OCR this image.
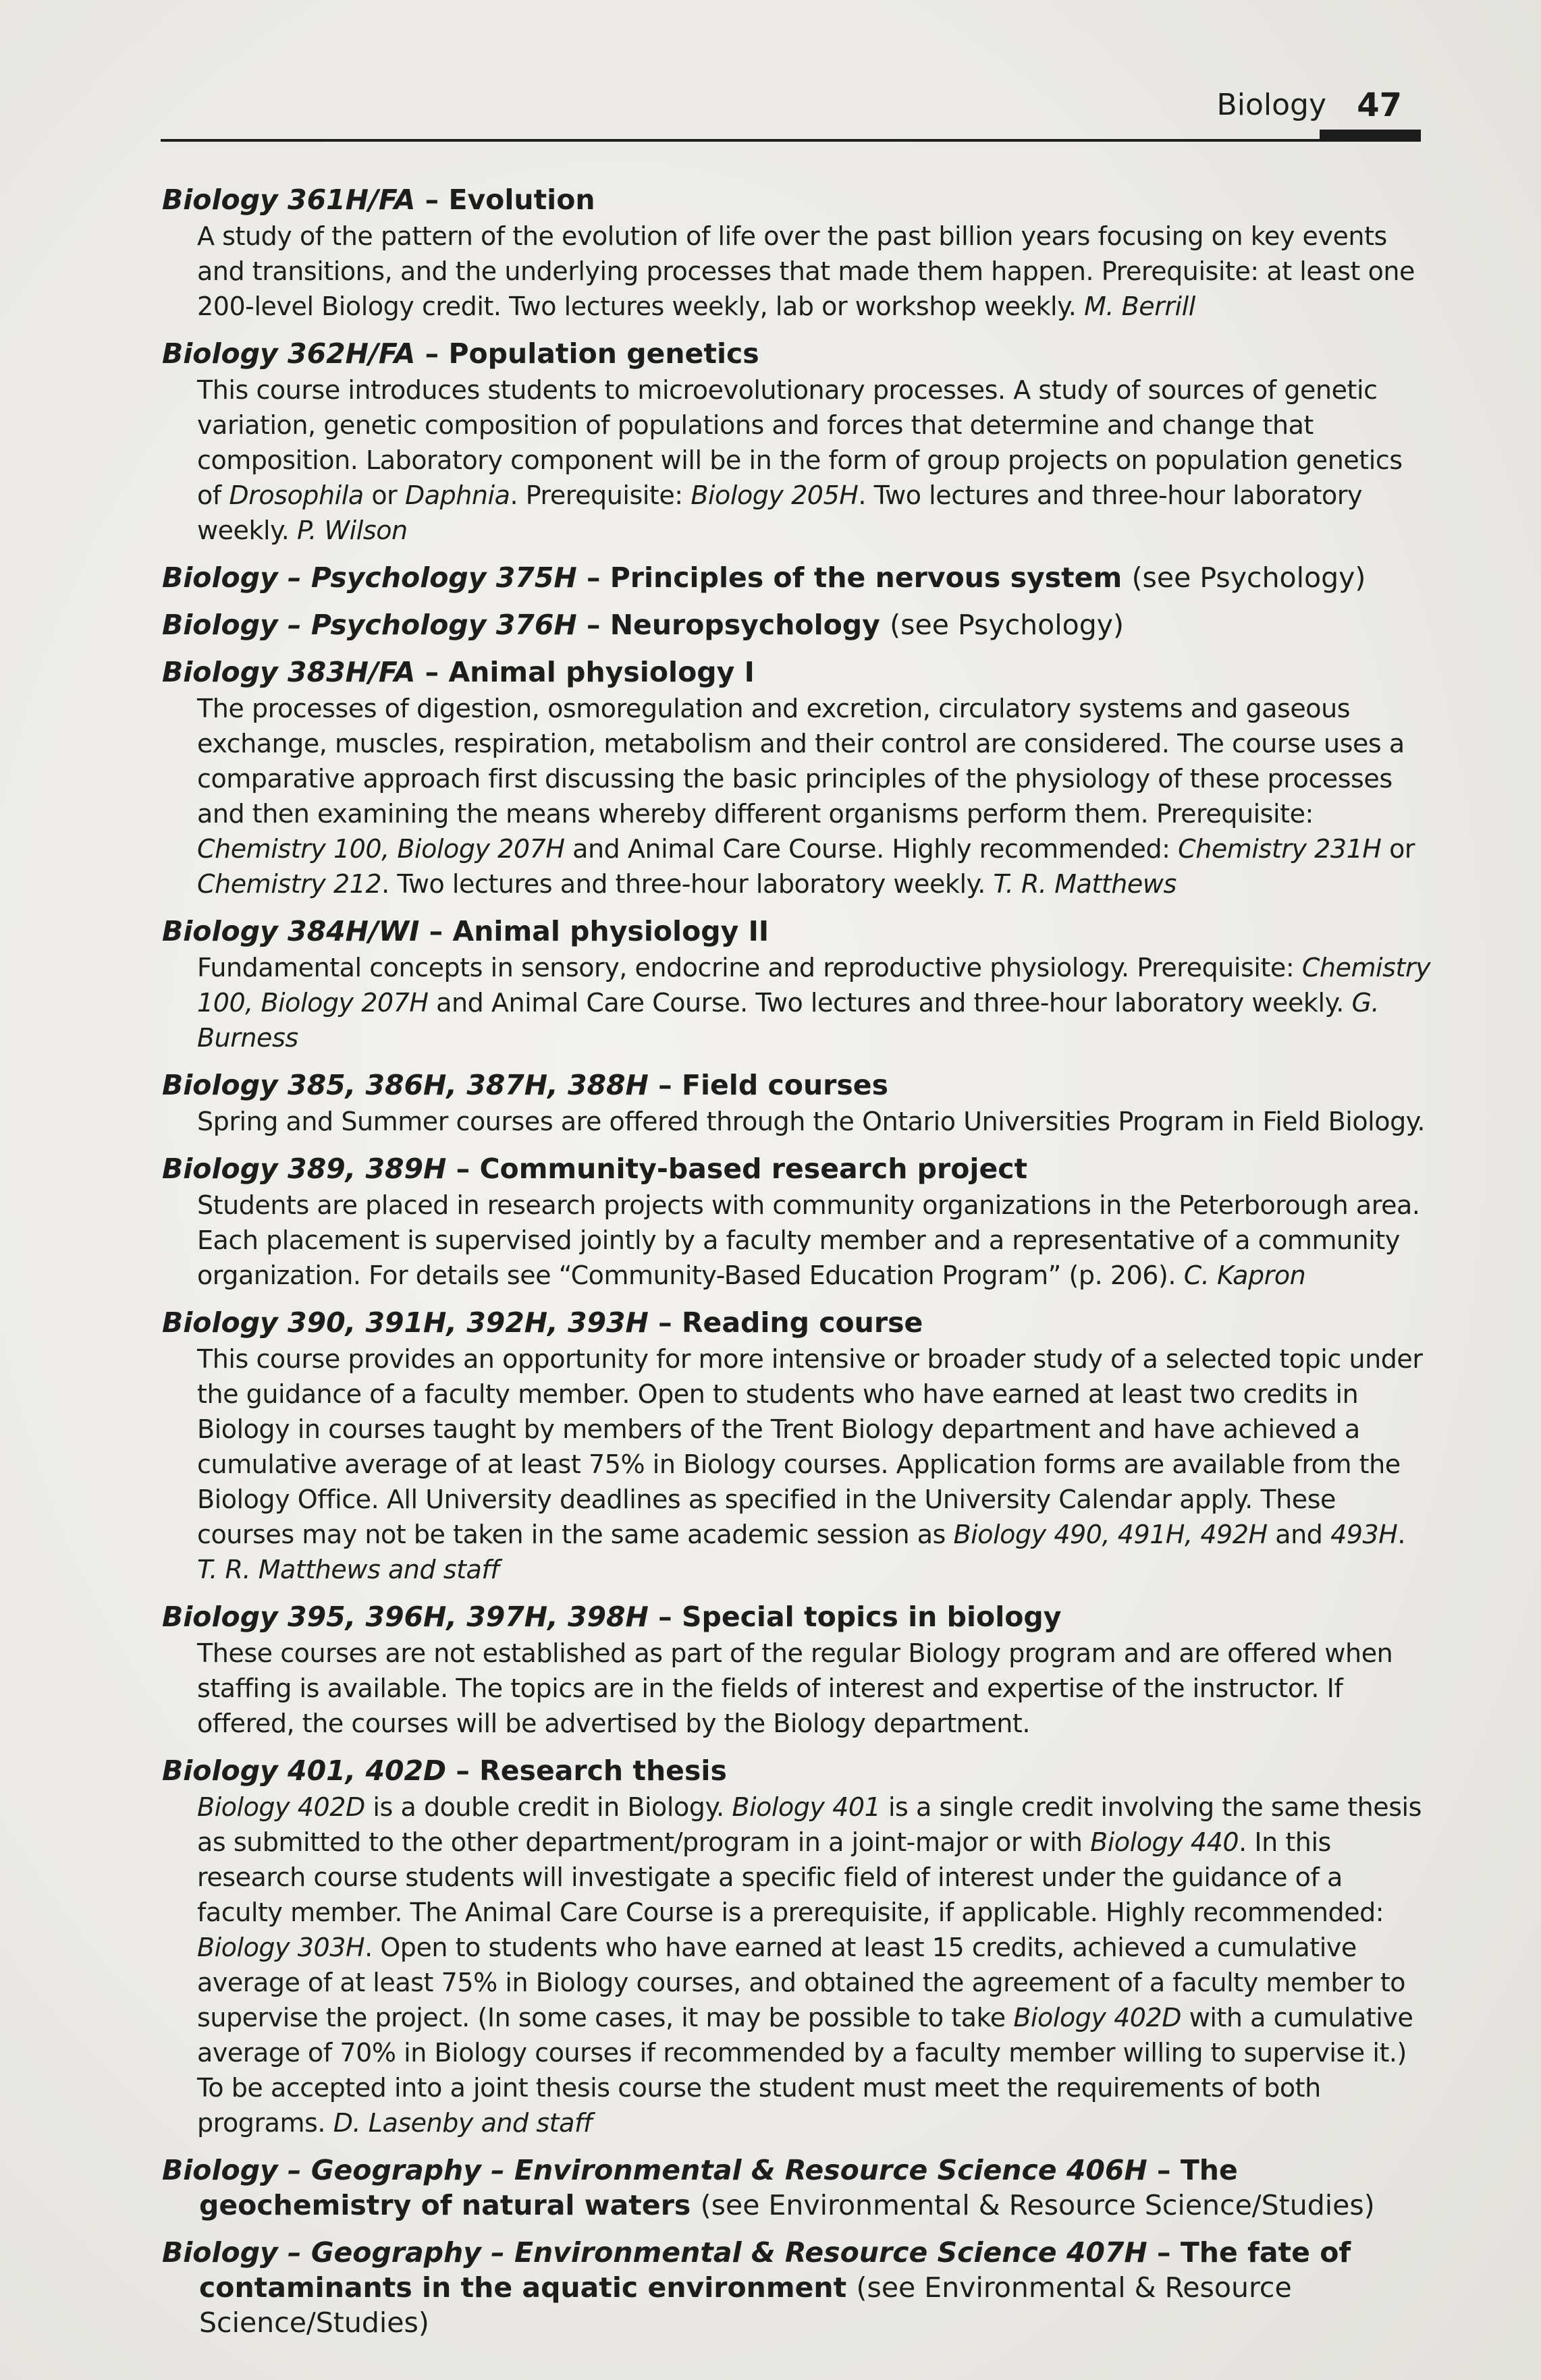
Biology 47
Biology 361H/FA – Evolution
A study of the pattern of the evolution of life over the past billion years focusing on key events and transitions, and the underlying processes that made them happen. Prerequisite: at least one 200-level Biology credit. Two lectures weekly, lab or workshop weekly. M. Berrill
Biology 362H/FA – Population genetics
This course introduces students to microevolutionary processes. A study of sources of genetic variation, genetic composition of populations and forces that determine and change that composition. Laboratory component will be in the form of group projects on population genetics of Drosophila or Daphnia. Prerequisite: Biology 205H. Two lectures and three-hour laboratory weekly. P. Wilson
Biology – Psychology 375H – Principles of the nervous system (see Psychology)
Biology – Psychology 376H – Neuropsychology (see Psychology)
Biology 383H/FA – Animal physiology I
The processes of digestion, osmoregulation and excretion, circulatory systems and gaseous exchange, muscles, respiration, metabolism and their control are considered. The course uses a comparative approach first discussing the basic principles of the physiology of these processes and then examining the means whereby different organisms perform them. Prerequisite: Chemistry 100, Biology 207H and Animal Care Course. Highly recommended: Chemistry 231H or Chemistry 212. Two lectures and three-hour laboratory weekly. T. R. Matthews
Biology 384H/WI – Animal physiology II
Fundamental concepts in sensory, endocrine and reproductive physiology. Prerequisite: Chemistry 100, Biology 207H and Animal Care Course. Two lectures and three-hour laboratory weekly. G. Burness
Biology 385, 386H, 387H, 388H – Field courses
Spring and Summer courses are offered through the Ontario Universities Program in Field Biology.
Biology 389, 389H – Community-based research project
Students are placed in research projects with community organizations in the Peterborough area. Each placement is supervised jointly by a faculty member and a representative of a community organization. For details see “Community-Based Education Program” (p. 206). C. Kapron
Biology 390, 391H, 392H, 393H – Reading course
This course provides an opportunity for more intensive or broader study of a selected topic under the guidance of a faculty member. Open to students who have earned at least two credits in Biology in courses taught by members of the Trent Biology department and have achieved a cumulative average of at least 75% in Biology courses. Application forms are available from the Biology Office. All University deadlines as specified in the University Calendar apply. These courses may not be taken in the same academic session as Biology 490, 491H, 492H and 493H. T. R. Matthews and staff
Biology 395, 396H, 397H, 398H – Special topics in biology
These courses are not established as part of the regular Biology program and are offered when staffing is available. The topics are in the fields of interest and expertise of the instructor. If offered, the courses will be advertised by the Biology department.
Biology 401, 402D – Research thesis
Biology 402D is a double credit in Biology. Biology 401 is a single credit involving the same thesis as submitted to the other department/program in a joint-major or with Biology 440. In this research course students will investigate a specific field of interest under the guidance of a faculty member. The Animal Care Course is a prerequisite, if applicable. Highly recommended: Biology 303H. Open to students who have earned at least 15 credits, achieved a cumulative average of at least 75% in Biology courses, and obtained the agreement of a faculty member to supervise the project. (In some cases, it may be possible to take Biology 402D with a cumulative average of 70% in Biology courses if recommended by a faculty member willing to supervise it.) To be accepted into a joint thesis course the student must meet the requirements of both programs. D. Lasenby and staff
Biology – Geography – Environmental & Resource Science 406H – The geochemistry of natural waters (see Environmental & Resource Science/Studies)
Biology – Geography – Environmental & Resource Science 407H – The fate of contaminants in the aquatic environment (see Environmental & Resource Science/Studies)
